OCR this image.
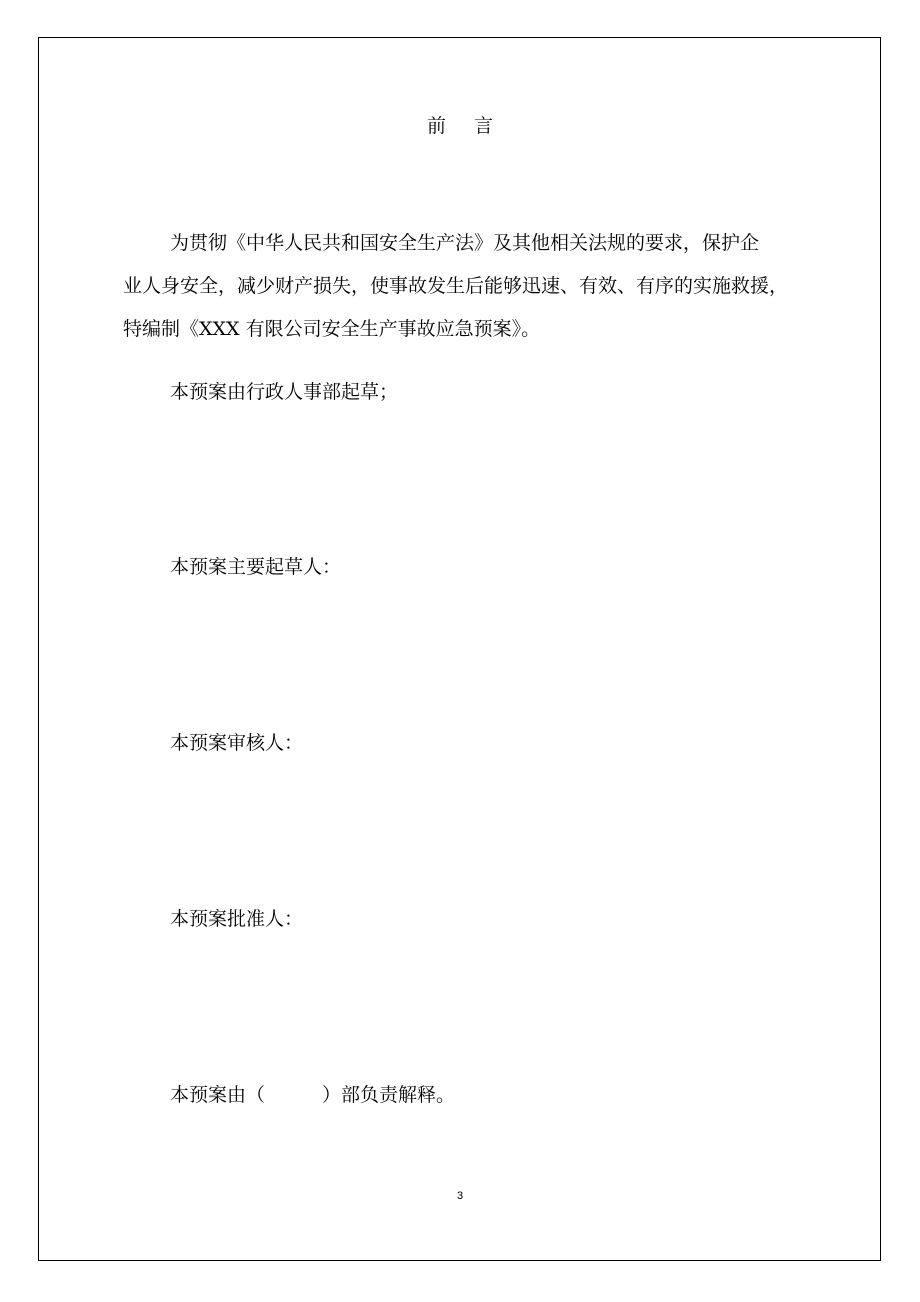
前 言
为贯彻《中华人民共和国安全生产法》及其他相关法规的要求，保护企
业人身安全，减少财产损失，使事故发生后能够迅速、有效、有序的实施救援，
特编制《XXX 有限公司安全生产事故应急预案》。
本预案由行政人事部起草；
本预案主要起草人：
本预案审核人：
本预案批准人：
本预案由（　　　）部负责解释。
3
